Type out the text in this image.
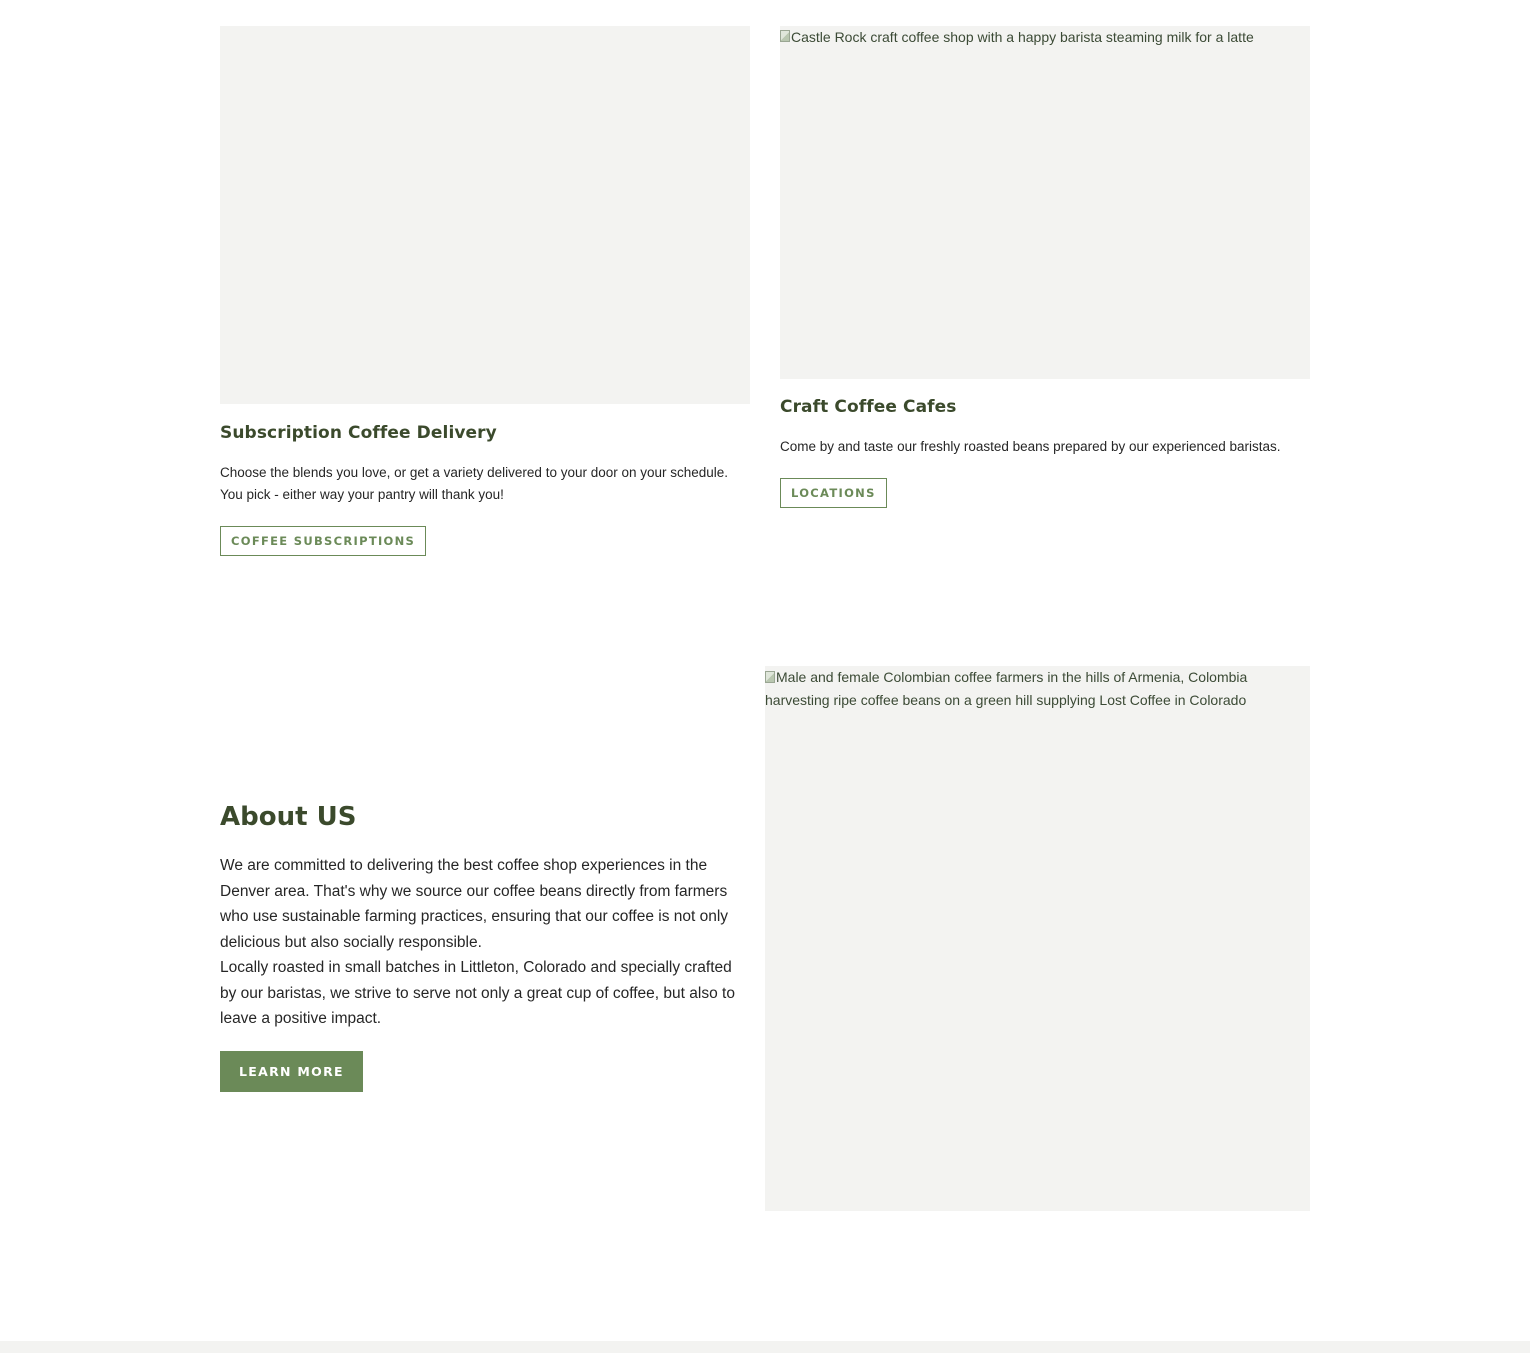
Subscription Coffee Delivery

Choose the blends you love, or get a variety delivered to your door on your schedule. You pick - either way your pantry will thank you!

COFFEE SUBSCRIPTIONS
Castle Rock craft coffee shop with a happy barista steaming milk for a latte
Craft Coffee Cafes

Come by and taste our freshly roasted beans prepared by our experienced baristas.

LOCATIONS
About US

We are committed to delivering the best coffee shop experiences in the Denver area. That's why we source our coffee beans directly from farmers who use sustainable farming practices, ensuring that our coffee is not only delicious but also socially responsible.

Locally roasted in small batches in Littleton, Colorado and specially crafted by our baristas, we strive to serve not only a great cup of coffee, but also to leave a positive impact.

LEARN MORE
Male and female Colombian coffee farmers in the hills of Armenia, Colombia harvesting ripe coffee beans on a green hill supplying Lost Coffee in Colorado
